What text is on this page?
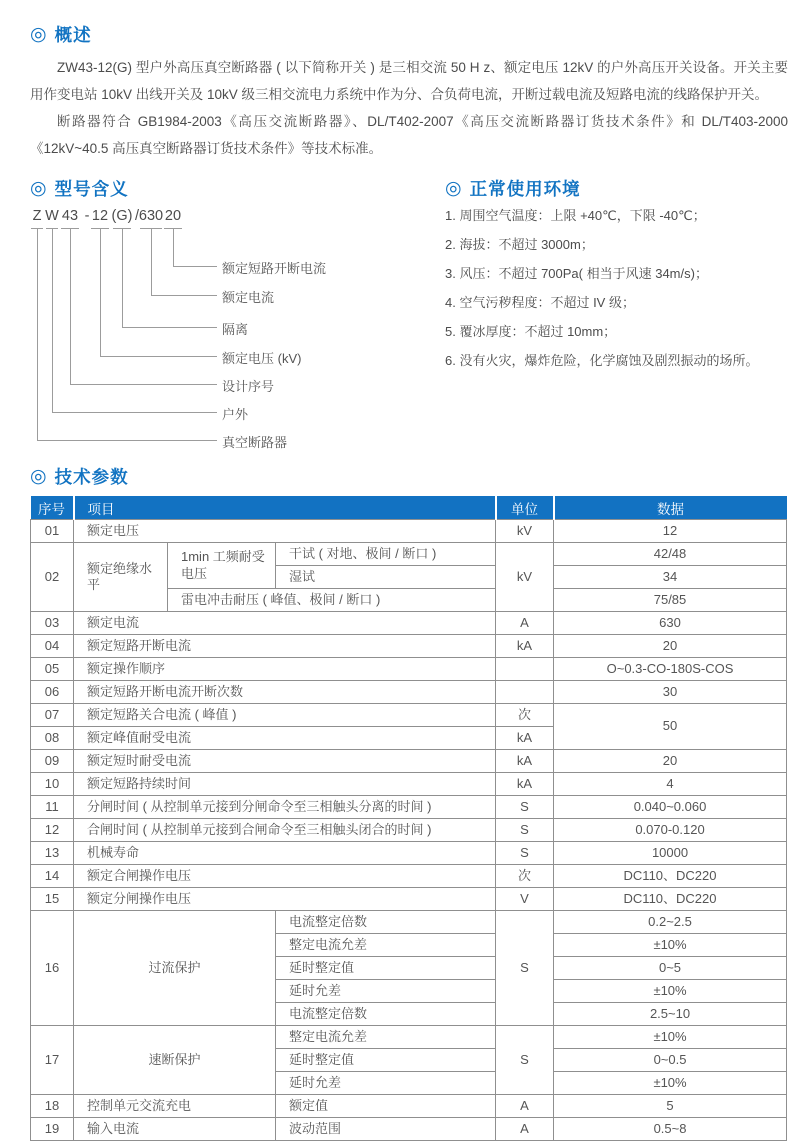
◎ 概述

ZW43-12(G) 型户外高压真空断路器 ( 以下简称开关 ) 是三相交流 50 H z、额定电压 12kV 的户外高压开关设备。开关主要用作变电站 10kV 出线开关及 10kV 级三相交流电力系统中作为分、合负荷电流，开断过载电流及短路电流的线路保护开关。

断路器符合 GB1984-2003《高压交流断路器》、DL/T402-2007《高压交流断路器订货技术条件》和 DL/T403-2000《12kV~40.5 高压真空断路器订货技术条件》等技术标准。

◎ 型号含义
Z W 43 - 12 (G) / 630 20
额定短路开断电流
额定电流
隔离
额定电压 (kV)
设计序号
户外
真空断路器
◎ 正常使用环境
1. 周围空气温度：上限 +40℃，下限 -40℃；
2. 海拔：不超过 3000m；
3. 风压：不超过 700Pa( 相当于风速 34m/s)；
4. 空气污秽程度：不超过 IV 级；
5. 覆冰厚度：不超过 10mm；
6. 没有火灾，爆炸危险，化学腐蚀及剧烈振动的场所。
◎ 技术参数
序号	项目			单位	数据
01	额定电压			kV	12
02	额定绝缘水平	1min 工频耐受电压	干试 ( 对地、极间 / 断口 )	kV	42/48
			湿试		34
		雷电冲击耐压 ( 峰值、极间 / 断口 )			75/85
03	额定电流			A	630
04	额定短路开断电流			kA	20
05	额定操作顺序				O~0.3-CO-180S-COS
06	额定短路开断电流开断次数				30
07	额定短路关合电流 ( 峰值 )			次	50
08	额定峰值耐受电流			kA	
09	额定短时耐受电流			kA	20
10	额定短路持续时间			kA	4
11	分闸时间 ( 从控制单元接到分闸命令至三相触头分离的时间 )			S	0.040~0.060
12	合闸时间 ( 从控制单元接到合闸命令至三相触头闭合的时间 )			S	0.070-0.120
13	机械寿命			S	10000
14	额定合闸操作电压			次	DC110、DC220
15	额定分闸操作电压			V	DC110、DC220
16	过流保护		电流整定倍数	S	0.2~2.5
			整定电流允差		±10%
			延时整定值		0~5
			延时允差		±10%
			电流整定倍数		2.5~10
17	速断保护		整定电流允差	S	±10%
			延时整定值		0~0.5
			延时允差		±10%
18	控制单元交流充电		额定值	A	5
19	输入电流		波动范围	A	0.5~8
